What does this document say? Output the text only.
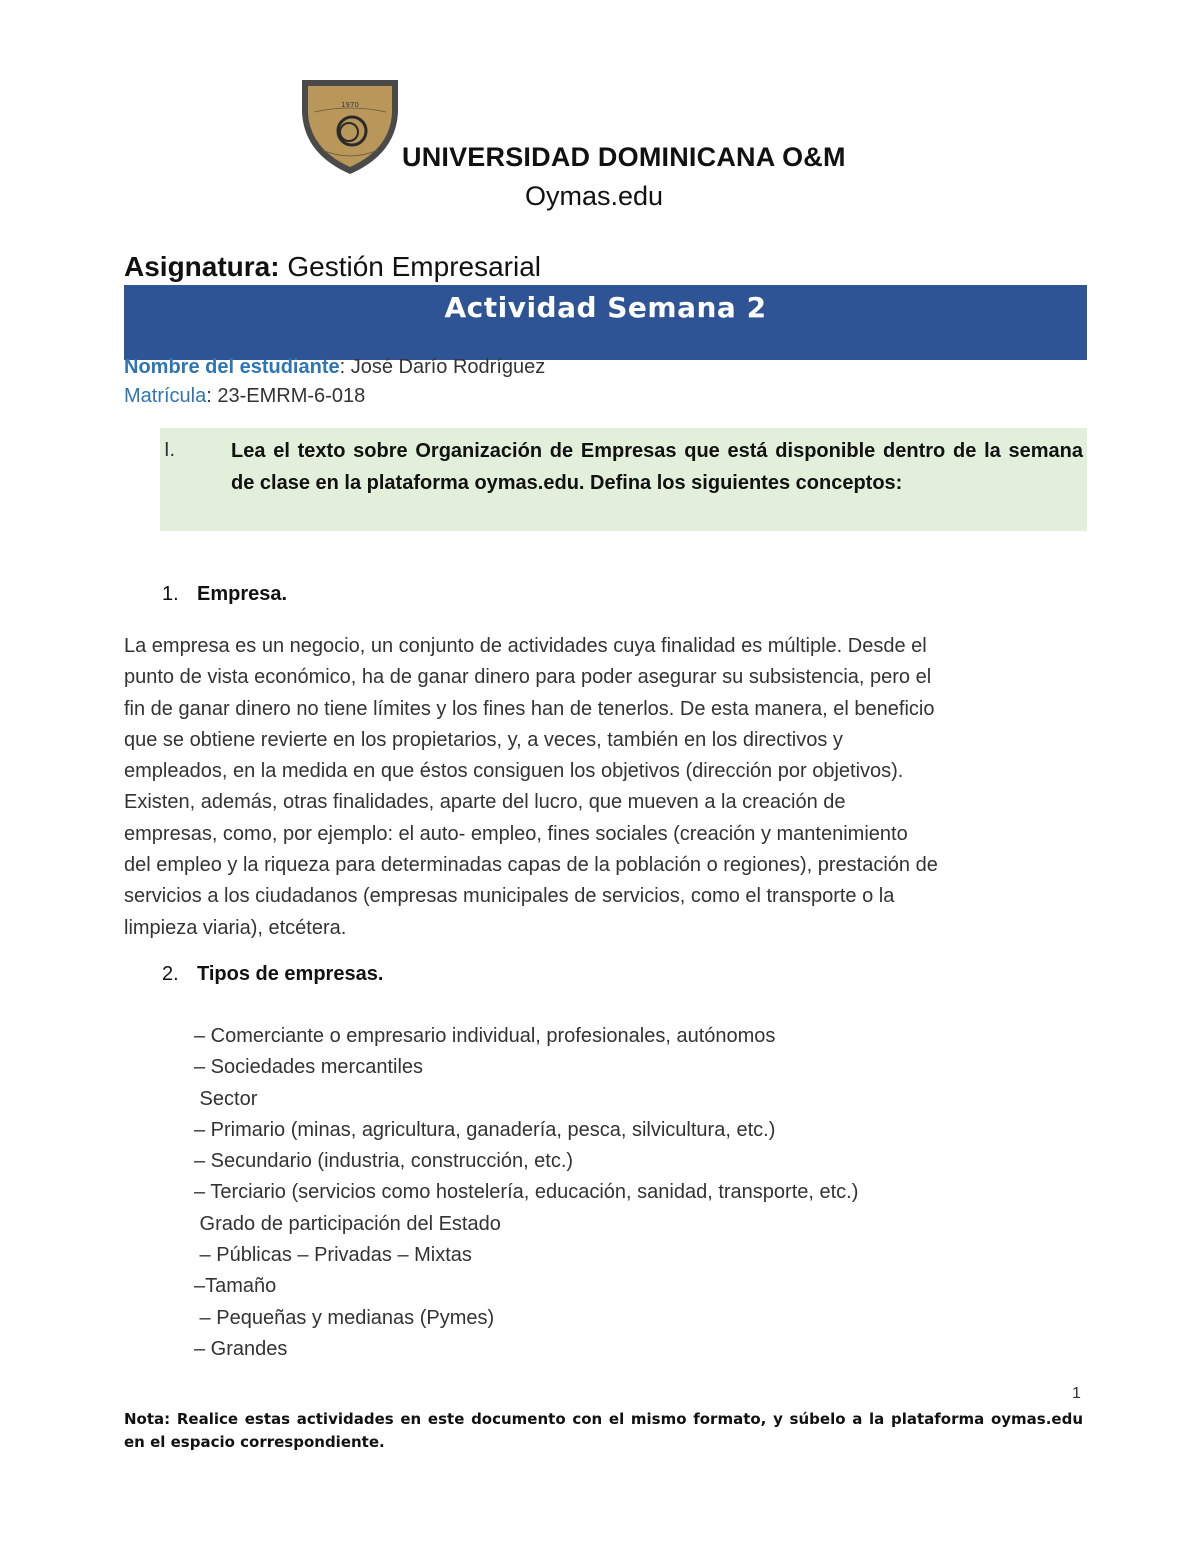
1970
UNIVERSIDAD DOMINICANA O&M
Oymas.edu
Asignatura: Gestión Empresarial
Actividad Semana 2
Nombre del estudiante: José Darío Rodríguez
Matrícula: 23-EMRM-6-018
I.	Lea el texto sobre Organización de Empresas que está disponible dentro de la semana de clase en la plataforma oymas.edu. Defina los siguientes conceptos:
1. Empresa.
La empresa es un negocio, un conjunto de actividades cuya finalidad es múltiple. Desde el
punto de vista económico, ha de ganar dinero para poder asegurar su subsistencia, pero el
fin de ganar dinero no tiene límites y los fines han de tenerlos. De esta manera, el beneficio
que se obtiene revierte en los propietarios, y, a veces, también en los directivos y
empleados, en la medida en que éstos consiguen los objetivos (dirección por objetivos).
Existen, además, otras finalidades, aparte del lucro, que mueven a la creación de
empresas, como, por ejemplo: el auto- empleo, fines sociales (creación y mantenimiento
del empleo y la riqueza para determinadas capas de la población o regiones), prestación de
servicios a los ciudadanos (empresas municipales de servicios, como el transporte o la
limpieza viaria), etcétera.
2. Tipos de empresas.
– Comerciante o empresario individual, profesionales, autónomos
– Sociedades mercantiles
Sector
– Primario (minas, agricultura, ganadería, pesca, silvicultura, etc.)
– Secundario (industria, construcción, etc.)
– Terciario (servicios como hostelería, educación, sanidad, transporte, etc.)
Grado de participación del Estado
– Públicas – Privadas – Mixtas
–Tamaño
– Pequeñas y medianas (Pymes)
– Grandes
1
Nota: Realice estas actividades en este documento con el mismo formato, y súbelo a la plataforma oymas.edu en el espacio correspondiente.
